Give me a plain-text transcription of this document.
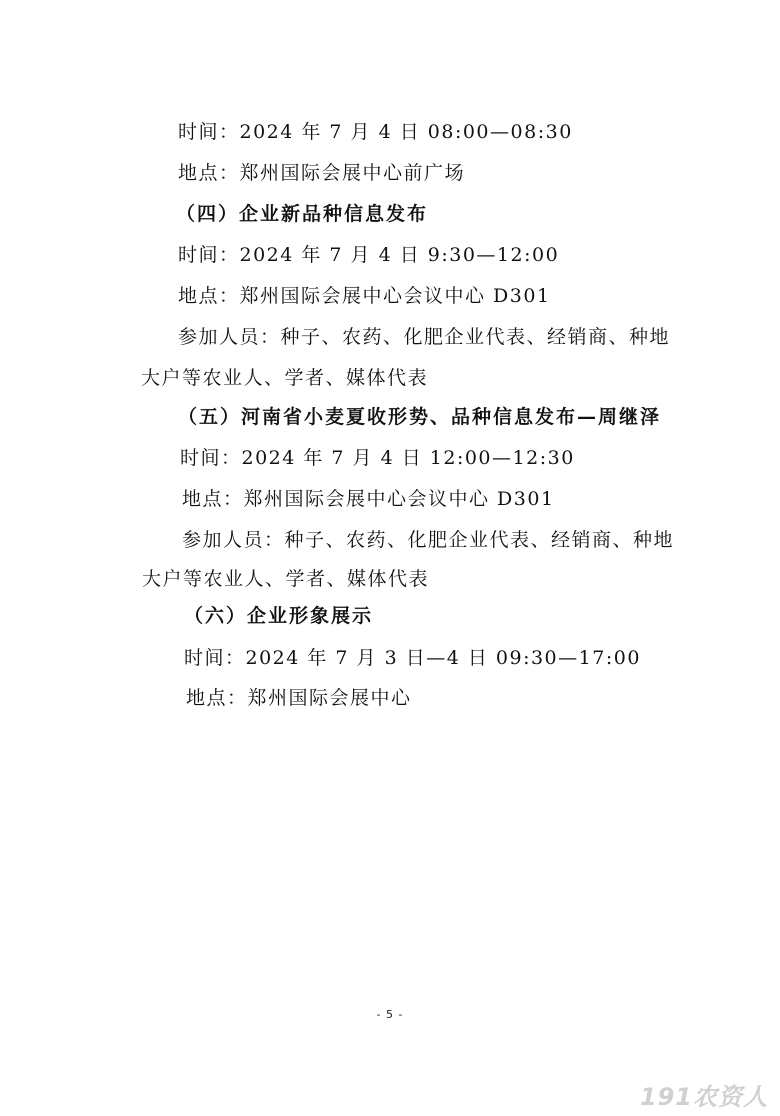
时间：2024 年 7 月 4 日 08:00—08:30
地点：郑州国际会展中心前广场
（四）企业新品种信息发布
时间：2024 年 7 月 4 日 9:30—12:00
地点：郑州国际会展中心会议中心 D301
参加人员：种子、农药、化肥企业代表、经销商、种地
大户等农业人、学者、媒体代表
（五）河南省小麦夏收形势、品种信息发布—周继泽
时间：2024 年 7 月 4 日 12:00—12:30
地点：郑州国际会展中心会议中心 D301
参加人员：种子、农药、化肥企业代表、经销商、种地
大户等农业人、学者、媒体代表
（六）企业形象展示
时间：2024 年 7 月 3 日—4 日 09:30—17:00
地点：郑州国际会展中心
- 5 -
191农资人
